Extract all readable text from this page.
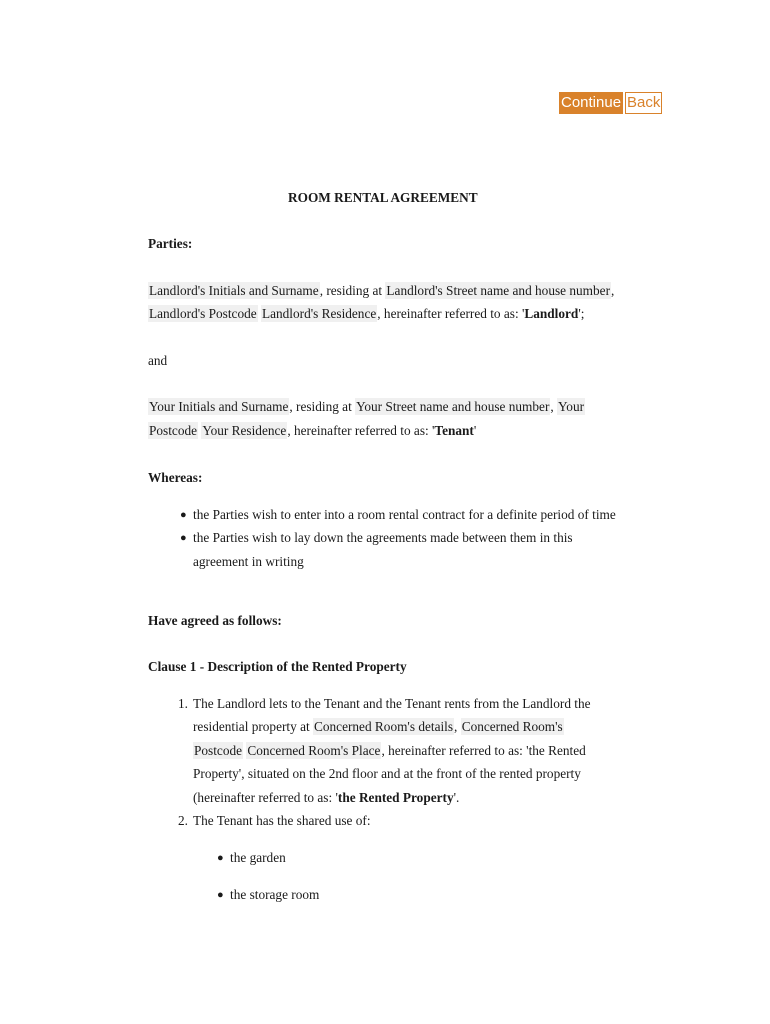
Continue Back
ROOM RENTAL AGREEMENT
Parties:
Landlord's Initials and Surname, residing at Landlord's Street name and house number,
Landlord's Postcode Landlord's Residence, hereinafter referred to as: 'Landlord';
and
Your Initials and Surname, residing at Your Street name and house number, Your
Postcode Your Residence, hereinafter referred to as: 'Tenant'
Whereas:
● the Parties wish to enter into a room rental contract for a definite period of time
● the Parties wish to lay down the agreements made between them in this
agreement in writing
Have agreed as follows:
Clause 1 - Description of the Rented Property
1. The Landlord lets to the Tenant and the Tenant rents from the Landlord the
residential property at Concerned Room's details, Concerned Room's
Postcode Concerned Room's Place, hereinafter referred to as: 'the Rented
Property', situated on the 2nd floor and at the front of the rented property
(hereinafter referred to as: 'the Rented Property'.
2. The Tenant has the shared use of:
● the garden
● the storage room
